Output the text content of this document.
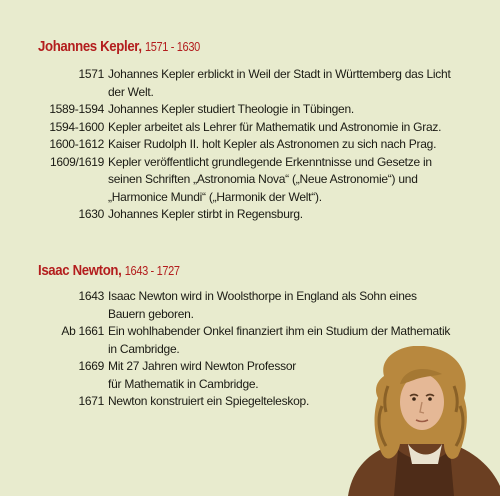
Johannes Kepler, 1571 - 1630
1571 Johannes Kepler erblickt in Weil der Stadt in Württemberg das Licht der Welt.
1589-1594 Johannes Kepler studiert Theologie in Tübingen.
1594-1600 Kepler arbeitet als Lehrer für Mathematik und Astronomie in Graz.
1600-1612 Kaiser Rudolph II. holt Kepler als Astronomen zu sich nach Prag.
1609/1619 Kepler veröffentlicht grundlegende Erkenntnisse und Gesetze in seinen Schriften „Astronomia Nova“ („Neue Astronomie“) und „Harmonice Mundi“ („Harmonik der Welt“).
1630 Johannes Kepler stirbt in Regensburg.
Isaac Newton, 1643 - 1727
1643 Isaac Newton wird in Woolsthorpe in England als Sohn eines Bauern geboren.
Ab 1661 Ein wohlhabender Onkel finanziert ihm ein Studium der Mathematik in Cambridge.
1669 Mit 27 Jahren wird Newton Professor für Mathematik in Cambridge.
1671 Newton konstruiert ein Spiegelteleskop.
